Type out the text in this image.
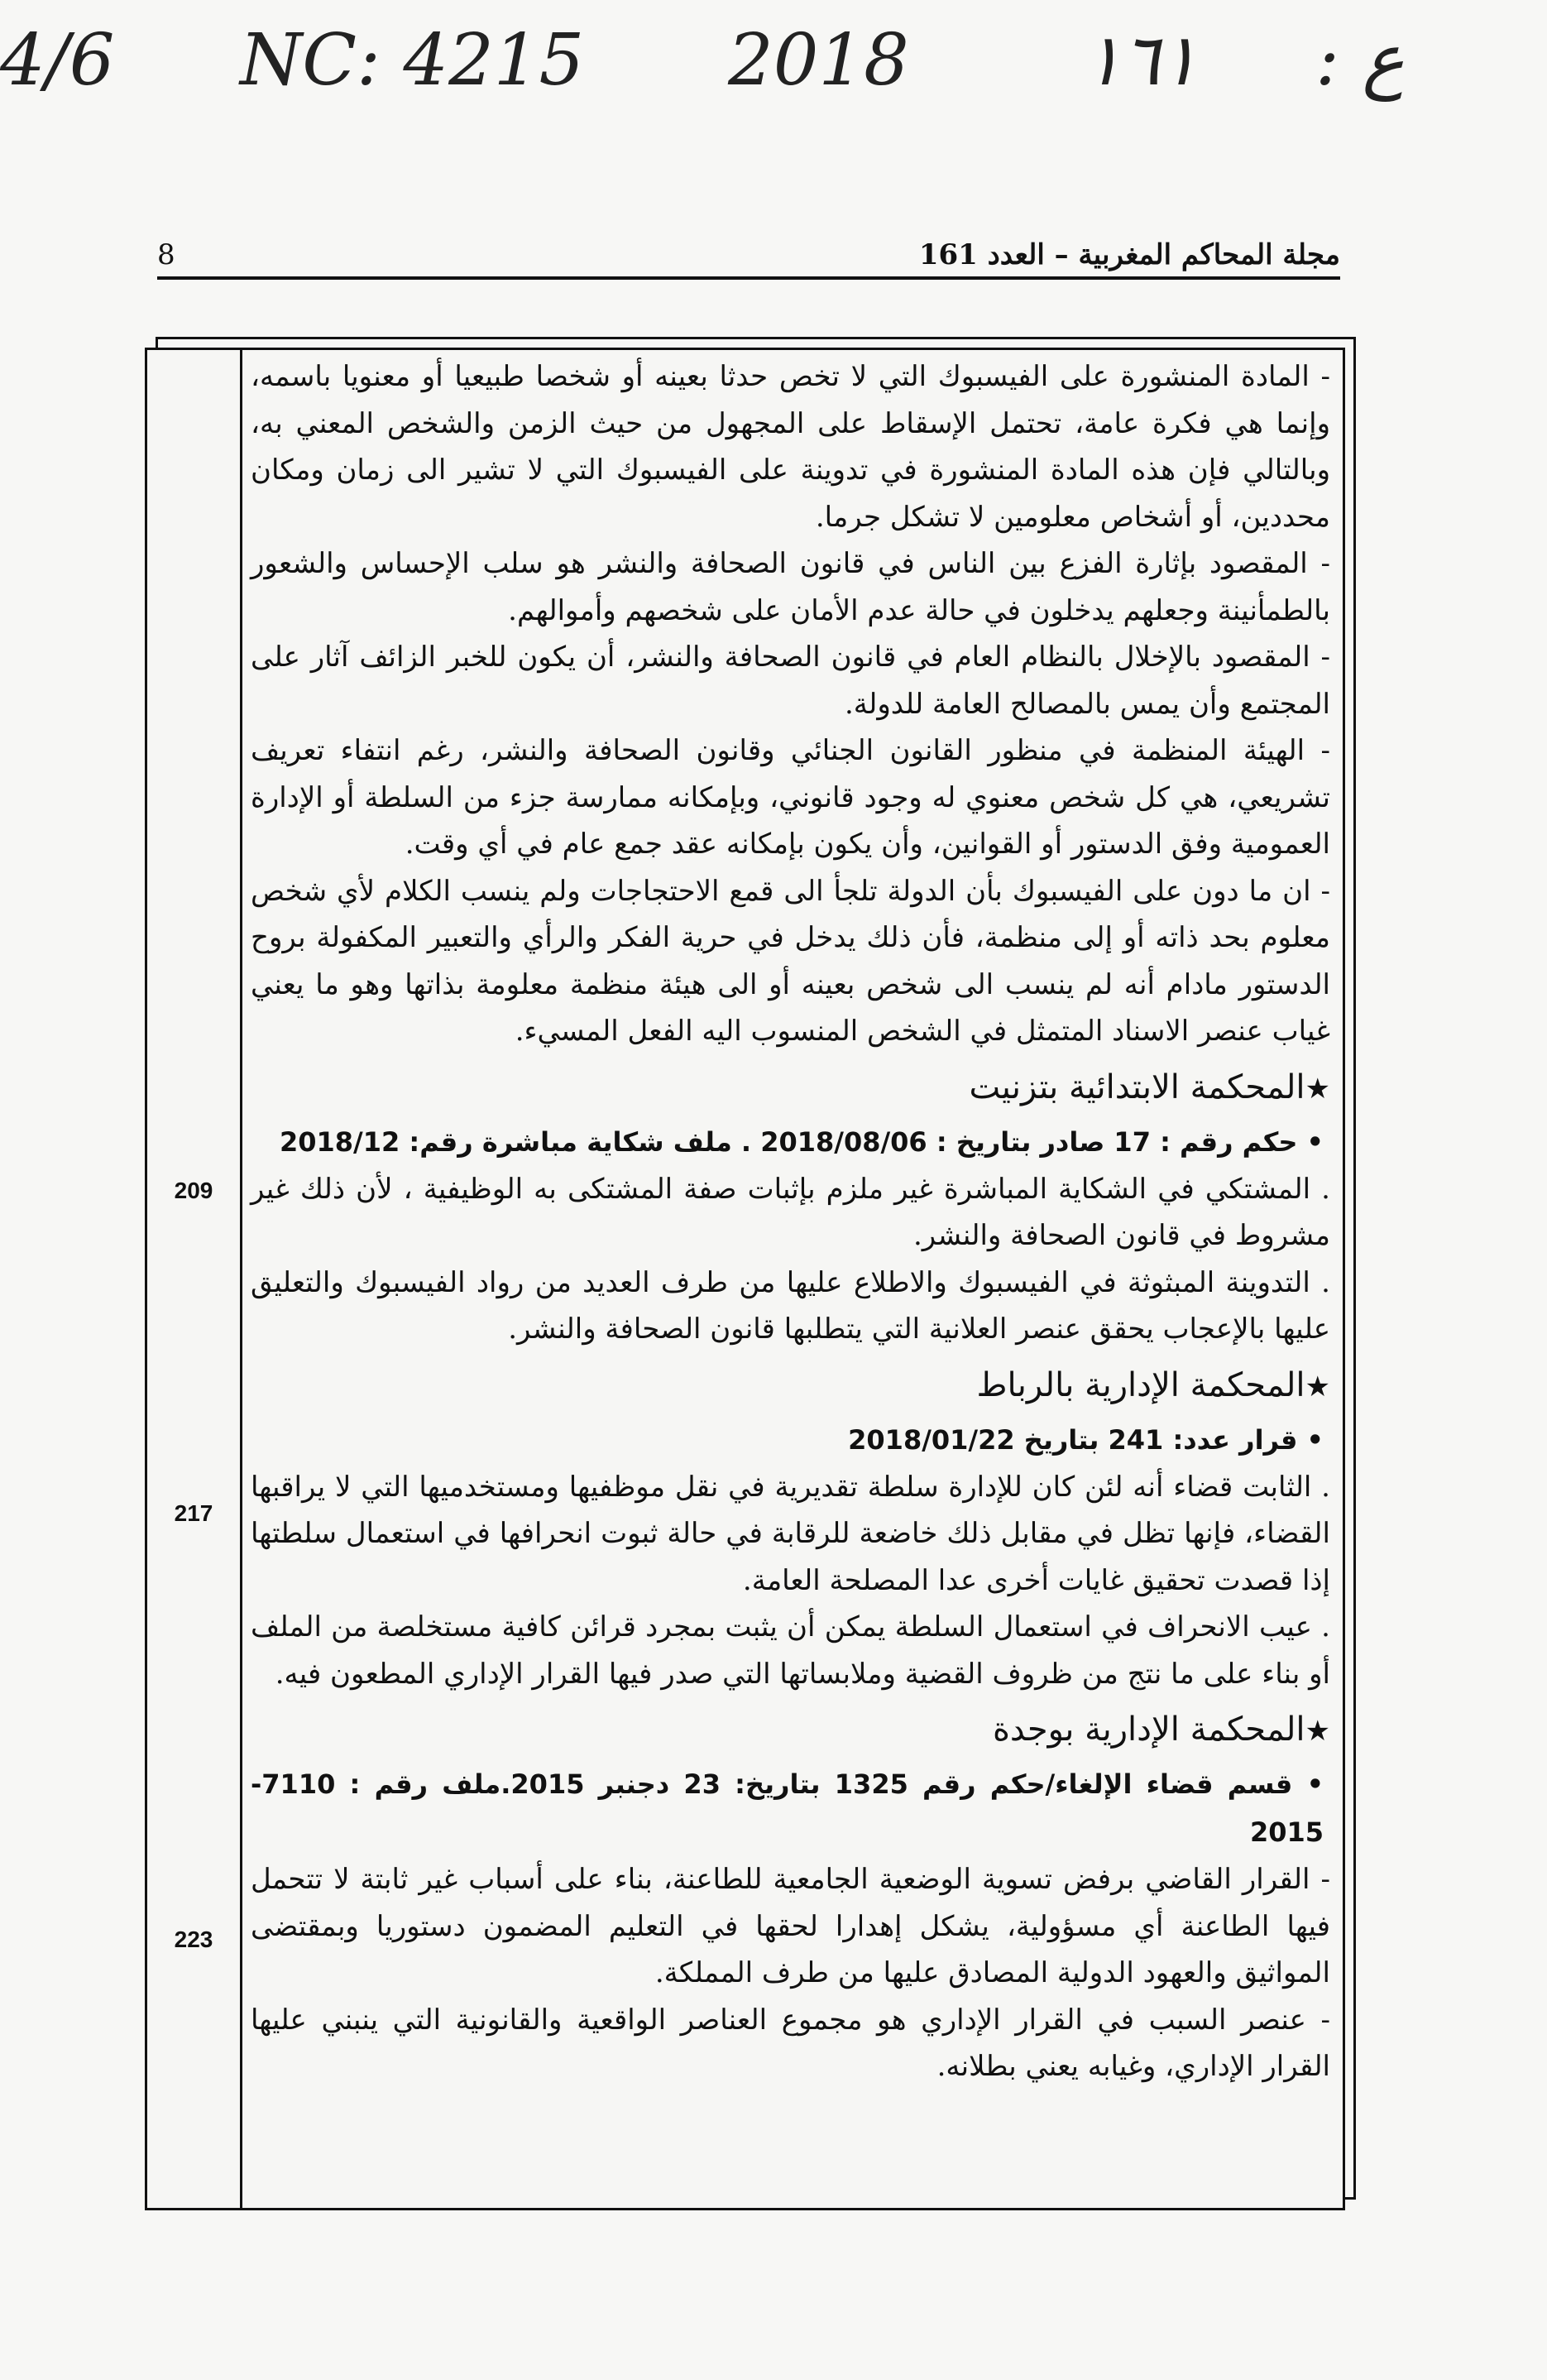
4/6 NC: 4215 2018 ١٦١ : ع
8	مجلة المحاكم المغربية – العدد 161
209
217
223

- المادة المنشورة على الفيسبوك التي لا تخص حدثا بعينه أو شخصا طبيعيا أو معنويا باسمه، وإنما هي فكرة عامة، تحتمل الإسقاط على المجهول من حيث الزمن والشخص المعني به، وبالتالي فإن هذه المادة المنشورة في تدوينة على الفيسبوك التي لا تشير الى زمان ومكان محددين، أو أشخاص معلومين لا تشكل جرما.

- المقصود بإثارة الفزع بين الناس في قانون الصحافة والنشر هو سلب الإحساس والشعور بالطمأنينة وجعلهم يدخلون في حالة عدم الأمان على شخصهم وأموالهم.

- المقصود بالإخلال بالنظام العام في قانون الصحافة والنشر، أن يكون للخبر الزائف آثار على المجتمع وأن يمس بالمصالح العامة للدولة.

- الهيئة المنظمة في منظور القانون الجنائي وقانون الصحافة والنشر، رغم انتفاء تعريف تشريعي، هي كل شخص معنوي له وجود قانوني، وبإمكانه ممارسة جزء من السلطة أو الإدارة العمومية وفق الدستور أو القوانين، وأن يكون بإمكانه عقد جمع عام في أي وقت.

- ان ما دون على الفيسبوك بأن الدولة تلجأ الى قمع الاحتجاجات ولم ينسب الكلام لأي شخص معلوم بحد ذاته أو إلى منظمة، فأن ذلك يدخل في حرية الفكر والرأي والتعبير المكفولة بروح الدستور مادام أنه لم ينسب الى شخص بعينه أو الى هيئة منظمة معلومة بذاتها وهو ما يعني غياب عنصر الاسناد المتمثل في الشخص المنسوب اليه الفعل المسيء.

★المحكمة الابتدائية بتزنيت
• حكم رقم : 17 صادر بتاريخ : 2018/08/06 . ملف شكاية مباشرة رقم: 2018/12

. المشتكي في الشكاية المباشرة غير ملزم بإثبات صفة المشتكى به الوظيفية ، لأن ذلك غير مشروط في قانون الصحافة والنشر.

. التدوينة المبثوثة في الفيسبوك والاطلاع عليها من طرف العديد من رواد الفيسبوك والتعليق عليها بالإعجاب يحقق عنصر العلانية التي يتطلبها قانون الصحافة والنشر.

★المحكمة الإدارية بالرباط
• قرار عدد: 241 بتاريخ 2018/01/22

. الثابت قضاء أنه لئن كان للإدارة سلطة تقديرية في نقل موظفيها ومستخدميها التي لا يراقبها القضاء، فإنها تظل في مقابل ذلك خاضعة للرقابة في حالة ثبوت انحرافها في استعمال سلطتها إذا قصدت تحقيق غايات أخرى عدا المصلحة العامة.

. عيب الانحراف في استعمال السلطة يمكن أن يثبت بمجرد قرائن كافية مستخلصة من الملف أو بناء على ما نتج من ظروف القضية وملابساتها التي صدر فيها القرار الإداري المطعون فيه.

★المحكمة الإدارية بوجدة
• قسم قضاء الإلغاء/حكم رقم 1325 بتاريخ: 23 دجنبر 2015.ملف رقم : 7110-2015

- القرار القاضي برفض تسوية الوضعية الجامعية للطاعنة، بناء على أسباب غير ثابتة لا تتحمل فيها الطاعنة أي مسؤولية، يشكل إهدارا لحقها في التعليم المضمون دستوريا وبمقتضى المواثيق والعهود الدولية المصادق عليها من طرف المملكة.

- عنصر السبب في القرار الإداري هو مجموع العناصر الواقعية والقانونية التي ينبني عليها القرار الإداري، وغيابه يعني بطلانه.
